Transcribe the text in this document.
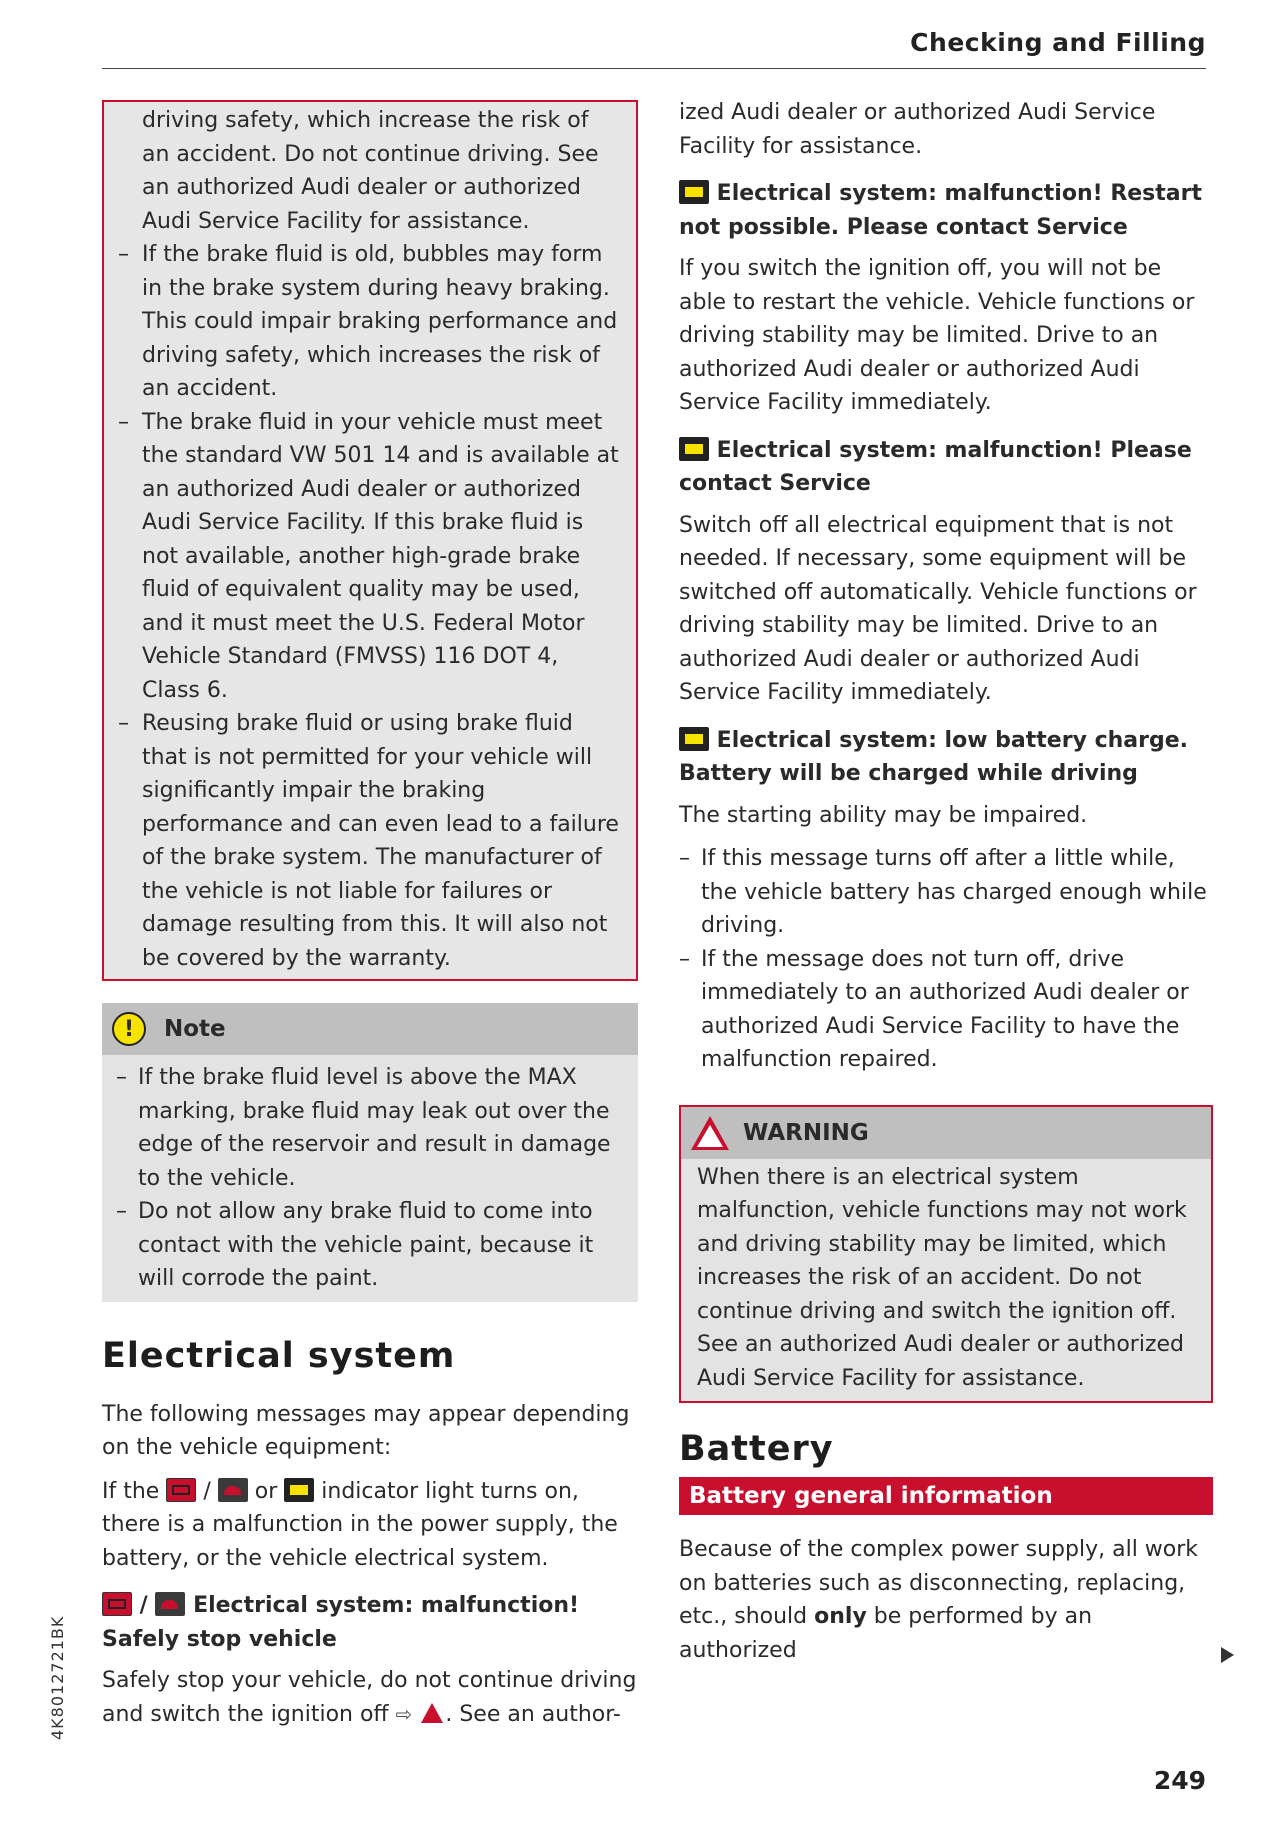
Checking and Filling

driving safety, which increase the risk of an accident. Do not continue driving. See an authorized Audi dealer or authorized Audi Service Facility for assistance.

– If the brake fluid is old, bubbles may form in the brake system during heavy braking. This could impair braking performance and driving safety, which increases the risk of an accident.
– The brake fluid in your vehicle must meet the standard VW 501 14 and is available at an authorized Audi dealer or authorized Audi Service Facility. If this brake fluid is not available, another high-grade brake fluid of equivalent quality may be used, and it must meet the U.S. Federal Motor Vehicle Standard (FMVSS) 116 DOT 4, Class 6.
– Reusing brake fluid or using brake fluid that is not permitted for your vehicle will significantly impair the braking performance and can even lead to a failure of the brake system. The manufacturer of the vehicle is not liable for failures or damage resulting from this. It will also not be covered by the warranty.
!	Note
– If the brake fluid level is above the MAX marking, brake fluid may leak out over the edge of the reservoir and result in damage to the vehicle.
– Do not allow any brake fluid to come into contact with the vehicle paint, because it will corrode the paint.
Electrical system

The following messages may appear depending on the vehicle equipment:

If the / or indicator light turns on, there is a malfunction in the power supply, the battery, or the vehicle electrical system.

/ Electrical system: malfunction! Safely stop vehicle

Safely stop your vehicle, do not continue driving and switch the ignition off ⇨ . See an author-

ized Audi dealer or authorized Audi Service Facility for assistance.

Electrical system: malfunction! Restart not possible. Please contact Service

If you switch the ignition off, you will not be able to restart the vehicle. Vehicle functions or driving stability may be limited. Drive to an authorized Audi dealer or authorized Audi Service Facility immediately.

Electrical system: malfunction! Please contact Service

Switch off all electrical equipment that is not needed. If necessary, some equipment will be switched off automatically. Vehicle functions or driving stability may be limited. Drive to an authorized Audi dealer or authorized Audi Service Facility immediately.

Electrical system: low battery charge. Battery will be charged while driving

The starting ability may be impaired.

– If this message turns off after a little while, the vehicle battery has charged enough while driving.
– If the message does not turn off, drive immediately to an authorized Audi dealer or authorized Audi Service Facility to have the malfunction repaired.
WARNING

When there is an electrical system malfunction, vehicle functions may not work and driving stability may be limited, which increases the risk of an accident. Do not continue driving and switch the ignition off. See an authorized Audi dealer or authorized Audi Service Facility for assistance.

Battery
Battery general information

Because of the complex power supply, all work on batteries such as disconnecting, replacing, etc., should only be performed by an authorized

4K8012721BK
249
